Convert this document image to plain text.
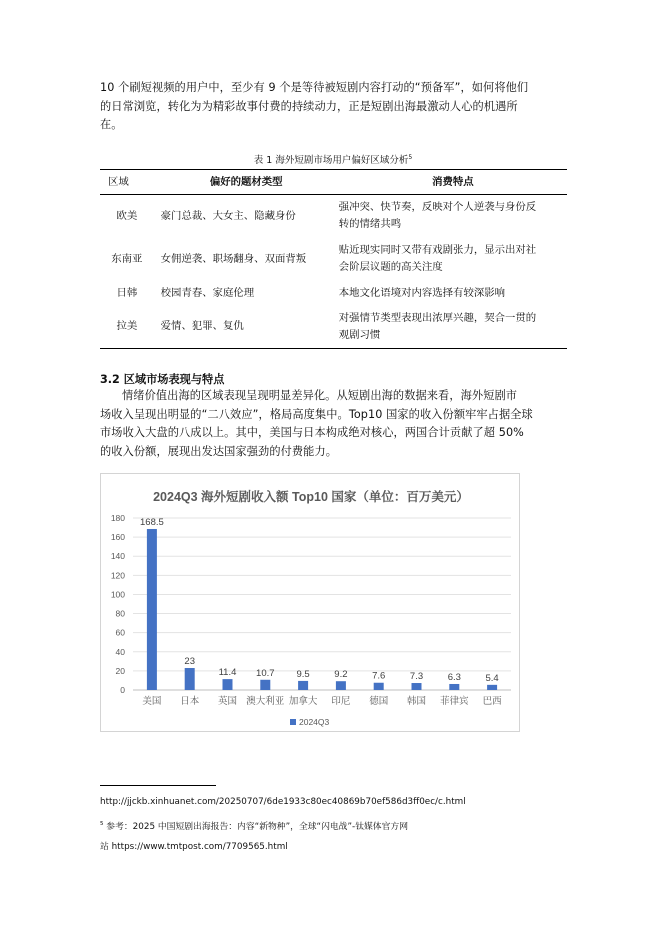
10 个刷短视频的用户中，至少有 9 个是等待被短剧内容打动的“预备军”，如何将他们
的日常浏览，转化为为精彩故事付费的持续动力，正是短剧出海最激动人心的机遇所
在。
表 1 海外短剧市场用户偏好区域分析$^5$
区域	偏好的题材类型	消费特点
欧美	豪门总裁、大女主、隐藏身份	强冲突、快节奏，反映对个人逆袭与身份反
转的情绪共鸣

东南亚	女佣逆袭、职场翻身、双面背叛	贴近现实同时又带有戏剧张力，显示出对社
会阶层议题的高关注度

日韩	校园青春、家庭伦理	本地文化语境对内容选择有较深影响

拉美	爱情、犯罪、复仇	对强情节类型表现出浓厚兴趣，契合一贯的
观剧习惯
3.2 区域市场表现与特点
情绪价值出海的区域表现呈现明显差异化。从短剧出海的数据来看，海外短剧市
场收入呈现出明显的“二八效应”，格局高度集中。Top10 国家的收入份额牢牢占据全球
市场收入大盘的八成以上。其中，美国与日本构成绝对核心，两国合计贡献了超 50%
的收入份额，展现出发达国家强劲的付费能力。
2024Q3 海外短剧收入额 Top10 国家（单位：百万美元）
0
20
40
60
80
100
120
140
160
180 168.5
美国
23
日本
11.4
英国
10.7
澳大利亚
9.5
加拿大
9.2
印尼
7.6
德国
7.3
韩国
6.3
菲律宾
5.4
巴西
2024Q3
http://jjckb.xinhuanet.com/20250707/6de1933c80ec40869b70ef586d3ff0ec/c.html
$^5$ 参考：2025 中国短剧出海报告：内容“新物种”，全球“闪电战”-钛媒体官方网
站 https://www.tmtpost.com/7709565.html
